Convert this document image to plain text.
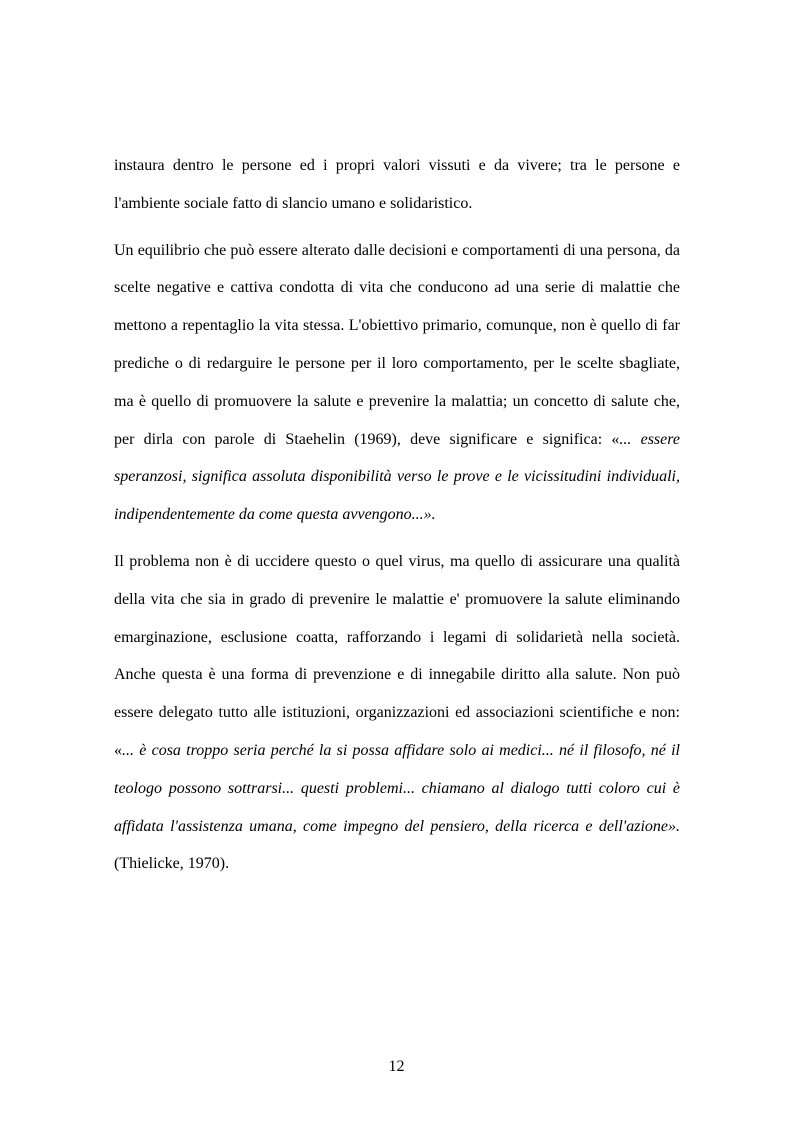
instaura dentro le persone ed i propri valori vissuti e da vivere; tra le persone e l'ambiente sociale fatto di slancio umano e solidaristico.

Un equilibrio che può essere alterato dalle decisioni e comportamenti di una persona, da scelte negative e cattiva condotta di vita che conducono ad una serie di malattie che mettono a repentaglio la vita stessa. L'obiettivo primario, comunque, non è quello di far prediche o di redarguire le persone per il loro comportamento, per le scelte sbagliate, ma è quello di promuovere la salute e prevenire la malattia; un concetto di salute che, per dirla con parole di Staehelin (1969), deve significare e significa: «... essere speranzosi, significa assoluta disponibilità verso le prove e le vicissitudini individuali, indipendentemente da come questa avvengono...».

Il problema non è di uccidere questo o quel virus, ma quello di assicurare una qualità della vita che sia in grado di prevenire le malattie e' promuovere la salute eliminando emarginazione, esclusione coatta, rafforzando i legami di solidarietà nella società. Anche questa è una forma di prevenzione e di innegabile diritto alla salute. Non può essere delegato tutto alle istituzioni, organizzazioni ed associazioni scientifiche e non: «... è cosa troppo seria perché la si possa affidare solo ai medici... né il filosofo, né il teologo possono sottrarsi... questi problemi... chiamano al dialogo tutti coloro cui è affidata l'assistenza umana, come impegno del pensiero, della ricerca e dell'azione». (Thielicke, 1970).

12
